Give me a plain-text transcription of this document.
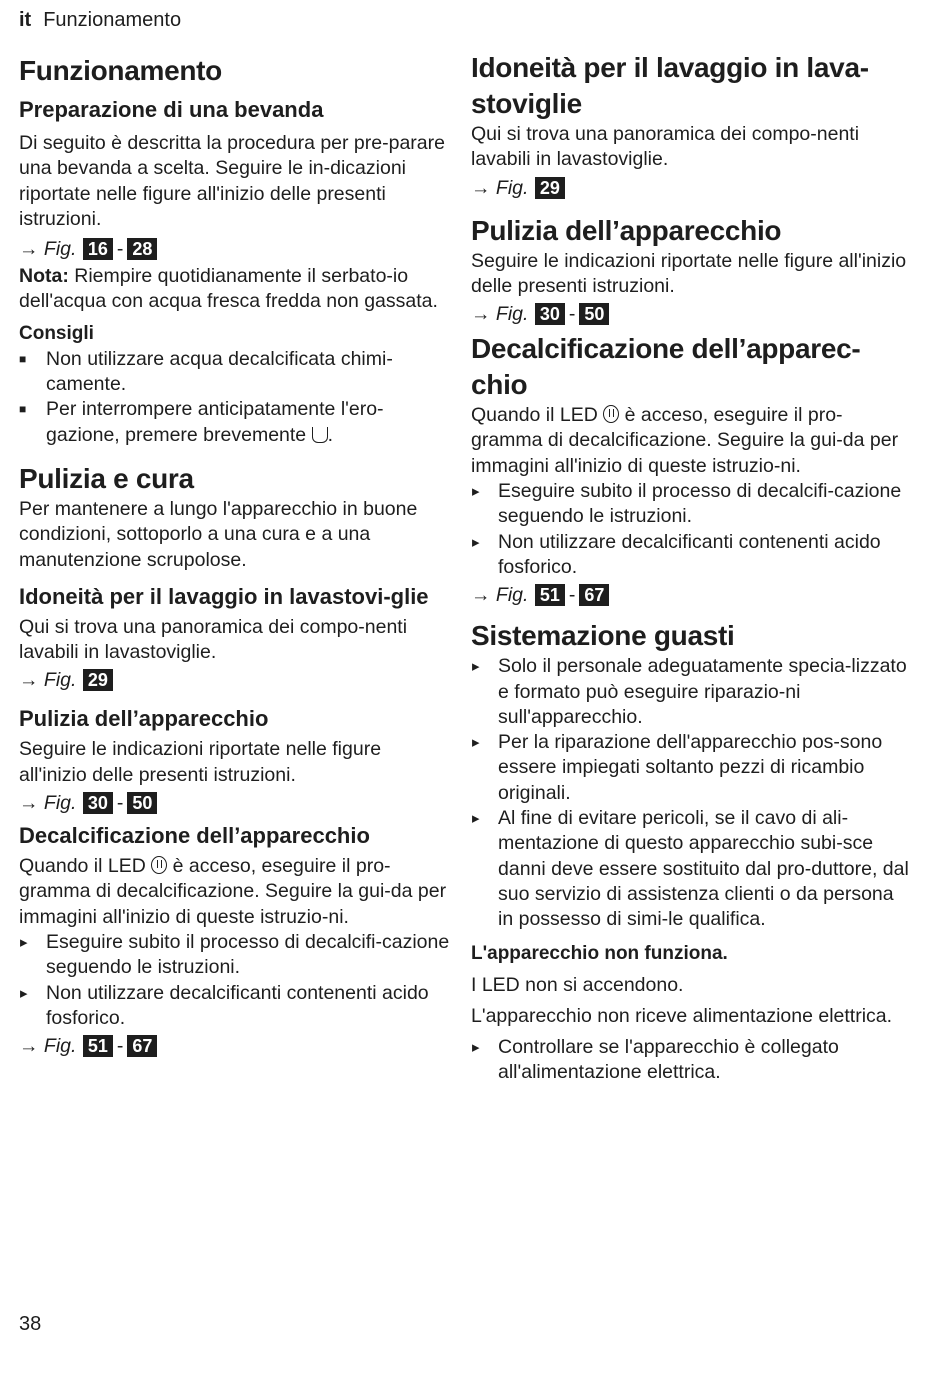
it Funzionamento
Funzionamento
Preparazione di una bevanda

Di seguito è descritta la procedura per pre-parare una bevanda a scelta. Seguire le in-dicazioni riportate nelle figure all'inizio delle presenti istruzioni.

→ Fig. 16 - 28

Nota: Riempire quotidianamente il serbato-io dell'acqua con acqua fresca fredda non gassata.

Consigli
■ Non utilizzare acqua decalcificata chimi-camente.
■ Per interrompere anticipatamente l'ero-gazione, premere brevemente .
Pulizia e cura

Per mantenere a lungo l'apparecchio in buone condizioni, sottoporlo a una cura e a una manutenzione scrupolose.

Idoneità per il lavaggio in lavastovi-glie

Qui si trova una panoramica dei compo-nenti lavabili in lavastoviglie.

→ Fig. 29
Pulizia dell’apparecchio

Seguire le indicazioni riportate nelle figure all'inizio delle presenti istruzioni.

→ Fig. 30 - 50
Decalcificazione dell’apparecchio

Quando il LED  è acceso, eseguire il pro-gramma di decalcificazione. Seguire la gui-da per immagini all'inizio di queste istruzio-ni.

▸ Eseguire subito il processo di decalcifi-cazione seguendo le istruzioni.
▸ Non utilizzare decalcificanti contenenti acido fosforico.
→ Fig. 51 - 67
Idoneità per il lavaggio in lava-stoviglie

Qui si trova una panoramica dei compo-nenti lavabili in lavastoviglie.

→ Fig. 29
Pulizia dell’apparecchio

Seguire le indicazioni riportate nelle figure all'inizio delle presenti istruzioni.

→ Fig. 30 - 50
Decalcificazione dell’apparec-chio

Quando il LED  è acceso, eseguire il pro-gramma di decalcificazione. Seguire la gui-da per immagini all'inizio di queste istruzio-ni.

▸ Eseguire subito il processo di decalcifi-cazione seguendo le istruzioni.
▸ Non utilizzare decalcificanti contenenti acido fosforico.
→ Fig. 51 - 67
Sistemazione guasti
▸ Solo il personale adeguatamente specia-lizzato e formato può eseguire riparazio-ni sull'apparecchio.
▸ Per la riparazione dell'apparecchio pos-sono essere impiegati soltanto pezzi di ricambio originali.
▸ Al fine di evitare pericoli, se il cavo di ali-mentazione di questo apparecchio subi-sce danni deve essere sostituito dal pro-duttore, dal suo servizio di assistenza clienti o da persona in possesso di simi-le qualifica.
L'apparecchio non funziona.

I LED non si accendono.

L'apparecchio non riceve alimentazione elettrica.

▸ Controllare se l'apparecchio è collegato all'alimentazione elettrica.
38
